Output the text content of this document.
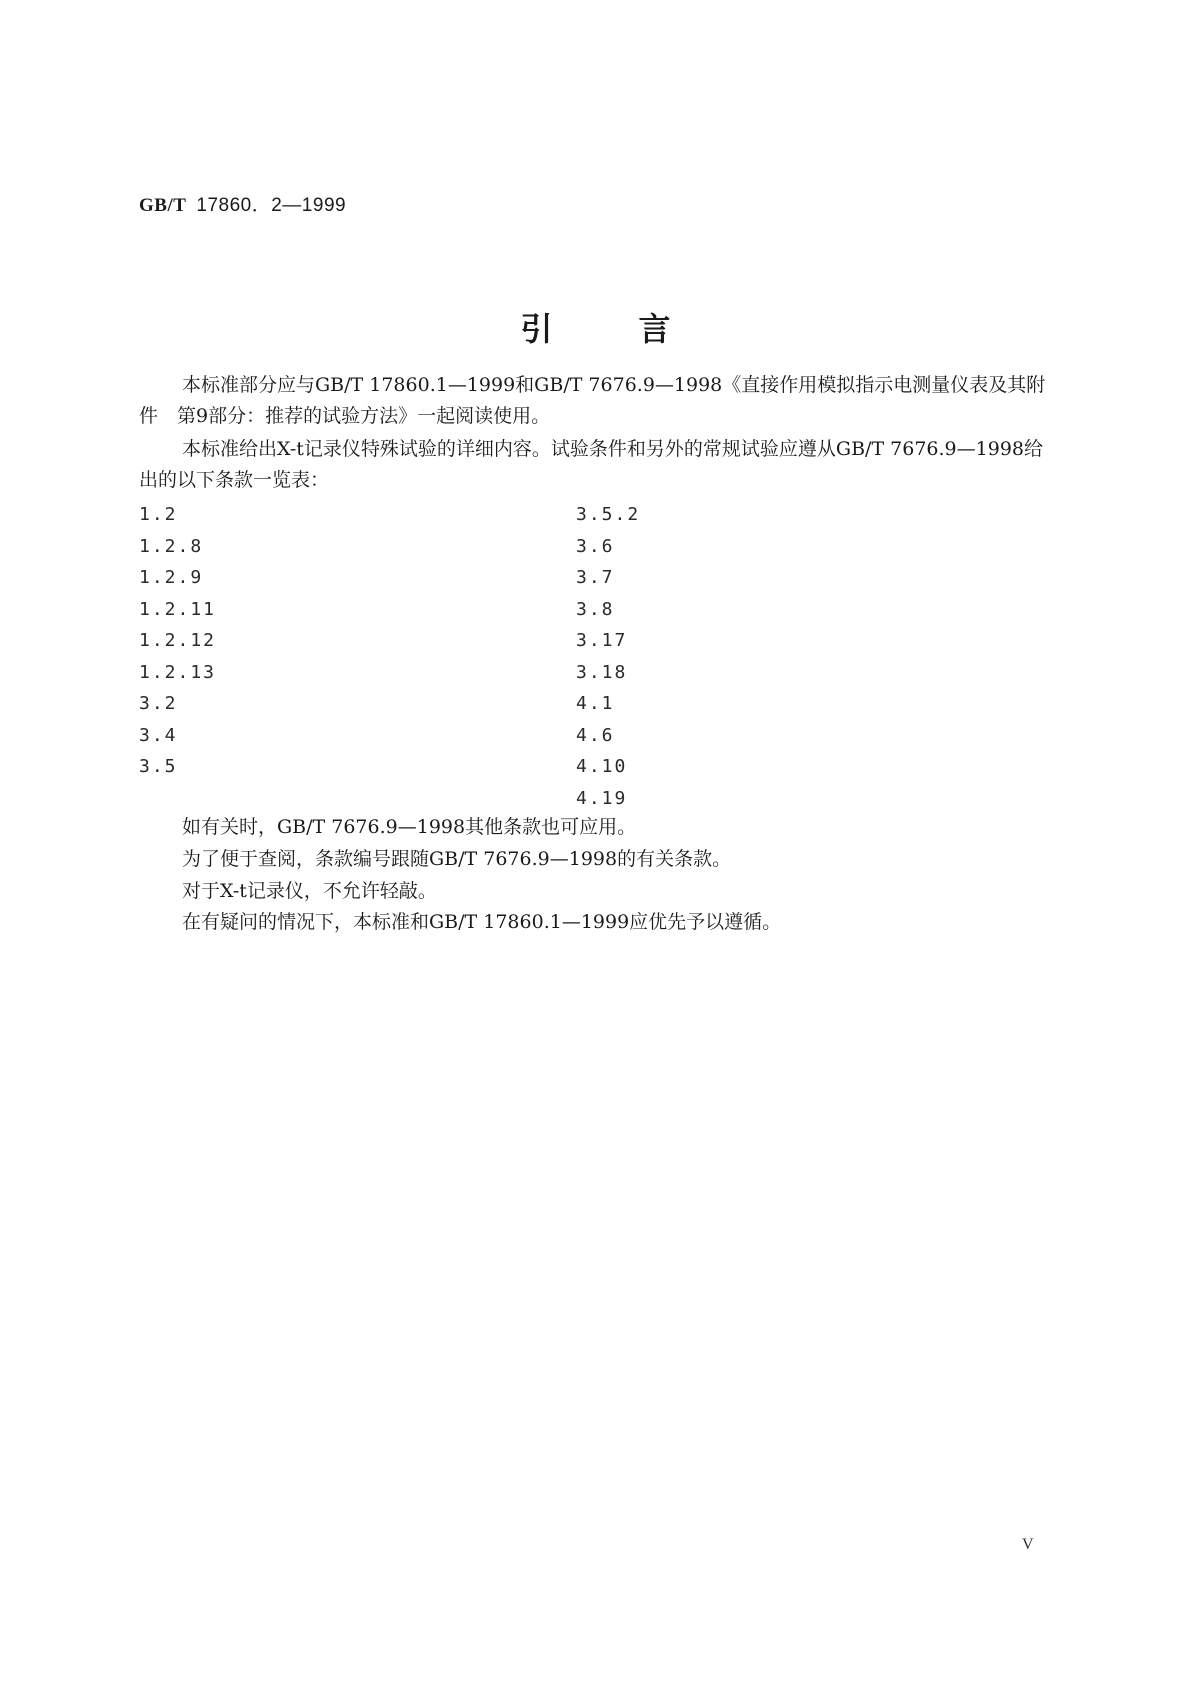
GB/T 17860．2—1999
引言

本标准部分应与GB/T 17860.1—1999和GB/T 7676.9—1998《直接作用模拟指示电测量仪表及其附件　第9部分：推荐的试验方法》一起阅读使用。

本标准给出X-t记录仪特殊试验的详细内容。试验条件和另外的常规试验应遵从GB/T 7676.9—1998给出的以下条款一览表：

1.2
1.2.8
1.2.9
1.2.11
1.2.12
1.2.13
3.2
3.4
3.5
3.5.2
3.6
3.7
3.8
3.17
3.18
4.1
4.6
4.10
4.19

如有关时，GB/T 7676.9—1998其他条款也可应用。

为了便于查阅，条款编号跟随GB/T 7676.9—1998的有关条款。

对于X-t记录仪，不允许轻敲。

在有疑问的情况下，本标准和GB/T 17860.1—1999应优先予以遵循。

V
